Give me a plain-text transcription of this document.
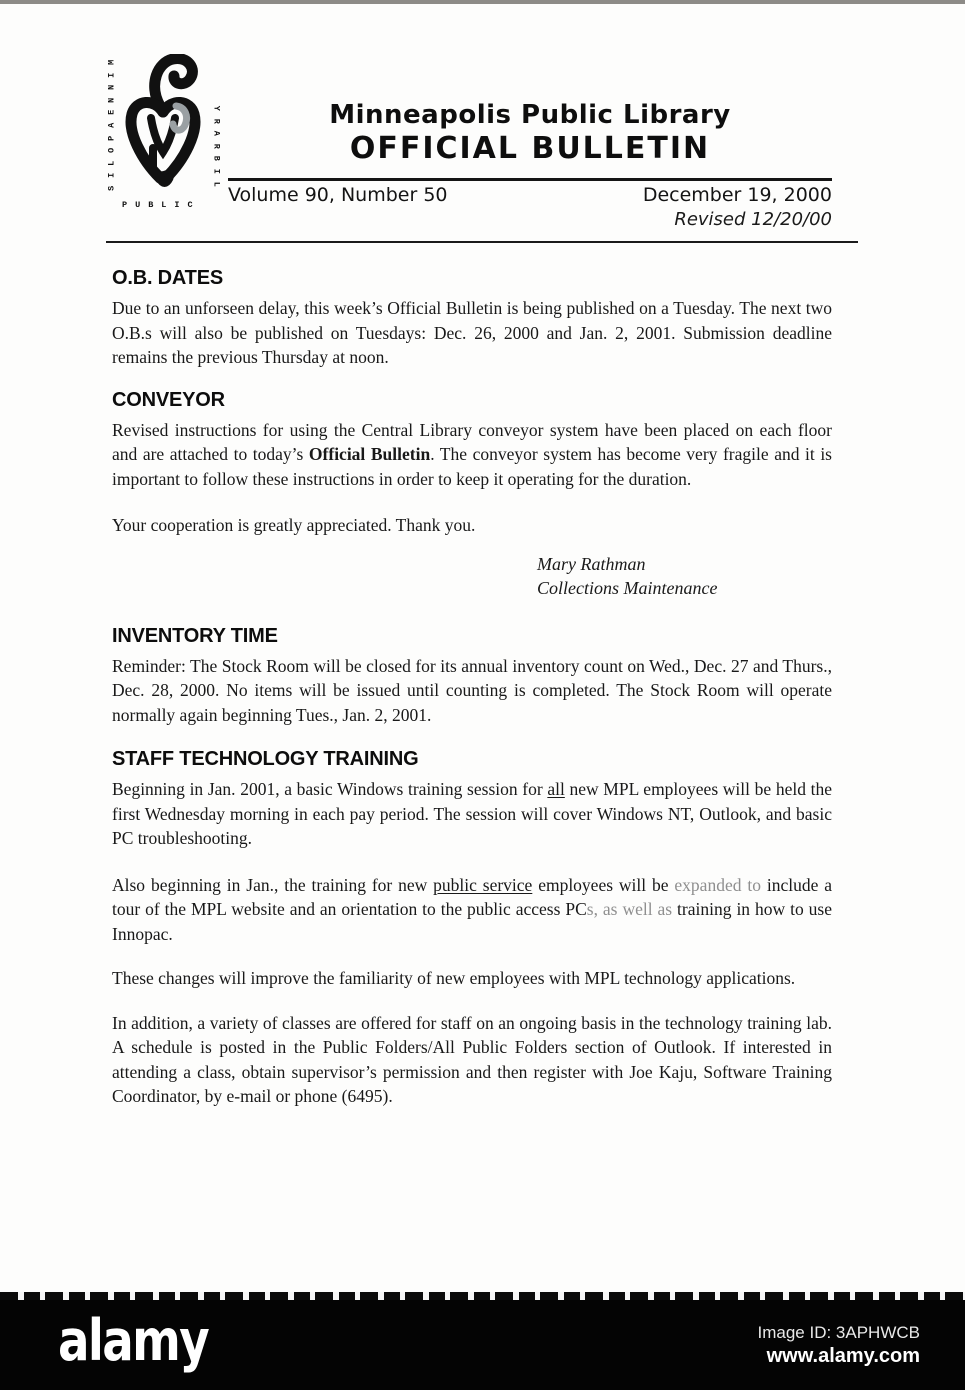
M
I
N
N
E
A
P
O
L
I
S
Y
R
A
R
B
I
L
PUBLIC
Minneapolis Public Library
OFFICIAL BULLETIN
Volume 90, Number 50	December 19, 2000
Revised 12/20/00
O.B. DATES

Due to an unforseen delay, this week’s Official Bulletin is being published on a Tuesday. The next two O.B.s will also be published on Tuesdays: Dec. 26, 2000 and Jan. 2, 2001. Submission deadline remains the previous Thursday at noon.

CONVEYOR

Revised instructions for using the Central Library conveyor system have been placed on each floor and are attached to today’s Official Bulletin. The conveyor system has become very fragile and it is important to follow these instructions in order to keep it operating for the duration.

Your cooperation is greatly appreciated. Thank you.

Mary Rathman
Collections Maintenance
INVENTORY TIME

Reminder: The Stock Room will be closed for its annual inventory count on Wed., Dec. 27 and Thurs., Dec. 28, 2000. No items will be issued until counting is completed. The Stock Room will operate normally again beginning Tues., Jan. 2, 2001.

STAFF TECHNOLOGY TRAINING

Beginning in Jan. 2001, a basic Windows training session for all new MPL employees will be held the first Wednesday morning in each pay period. The session will cover Windows NT, Outlook, and basic PC troubleshooting.

Also beginning in Jan., the training for new public service employees will be expanded to include a tour of the MPL website and an orientation to the public access PCs, as well as training in how to use Innopac.

These changes will improve the familiarity of new employees with MPL technology applications.

In addition, a variety of classes are offered for staff on an ongoing basis in the technology training lab. A schedule is posted in the Public Folders/All Public Folders section of Outlook. If interested in attending a class, obtain supervisor’s permission and then register with Joe Kaju, Software Training Coordinator, by e-mail or phone (6495).

alamy	Image ID: 3APHWCB
www.alamy.com
